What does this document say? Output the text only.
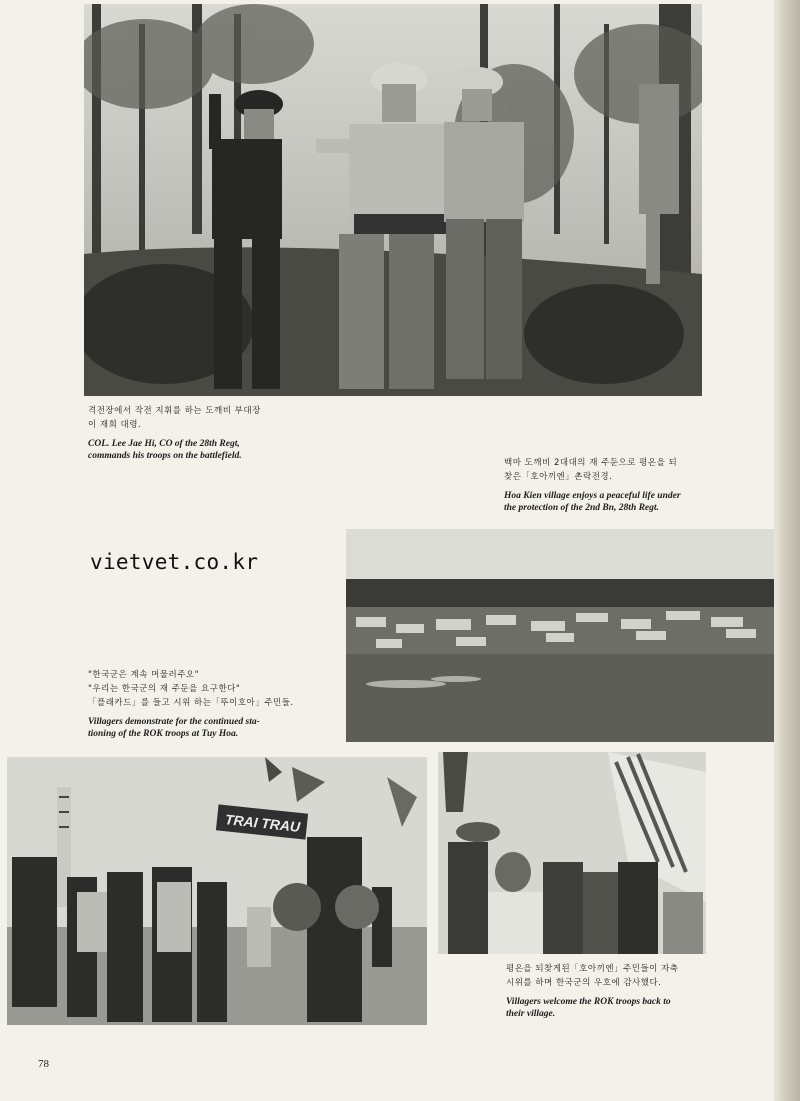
격전장에서 작전 지휘를 하는 도깨비 부대장
이 재희 대령.
COL. Lee Jae Hi, CO of the 28th Regt,
commands his troops on the battlefield.
백마 도깨비 2대대의 재 주둔으로 평온을 되
찾은「호아끼엔」촌락전경.
Hoa Kien village enjoys a peaceful life under
the protection of the 2nd Bn, 28th Regt.
vietvet.co.kr
"한국군은 계속 머물러주오"
"우리는 한국군의 재 주둔을 요구한다"
「플래카드」를 들고 시위 하는「뚜이호아」주민들.
Villagers demonstrate for the continued sta-
tioning of the ROK troops at Tuy Hoa.
TRAI TRAU
평온을 되찾게된「호아끼엔」주민들이 자축
시위를 하며 한국군의 우호에 감사했다.
Villagers welcome the ROK troops back to
their village.
78
